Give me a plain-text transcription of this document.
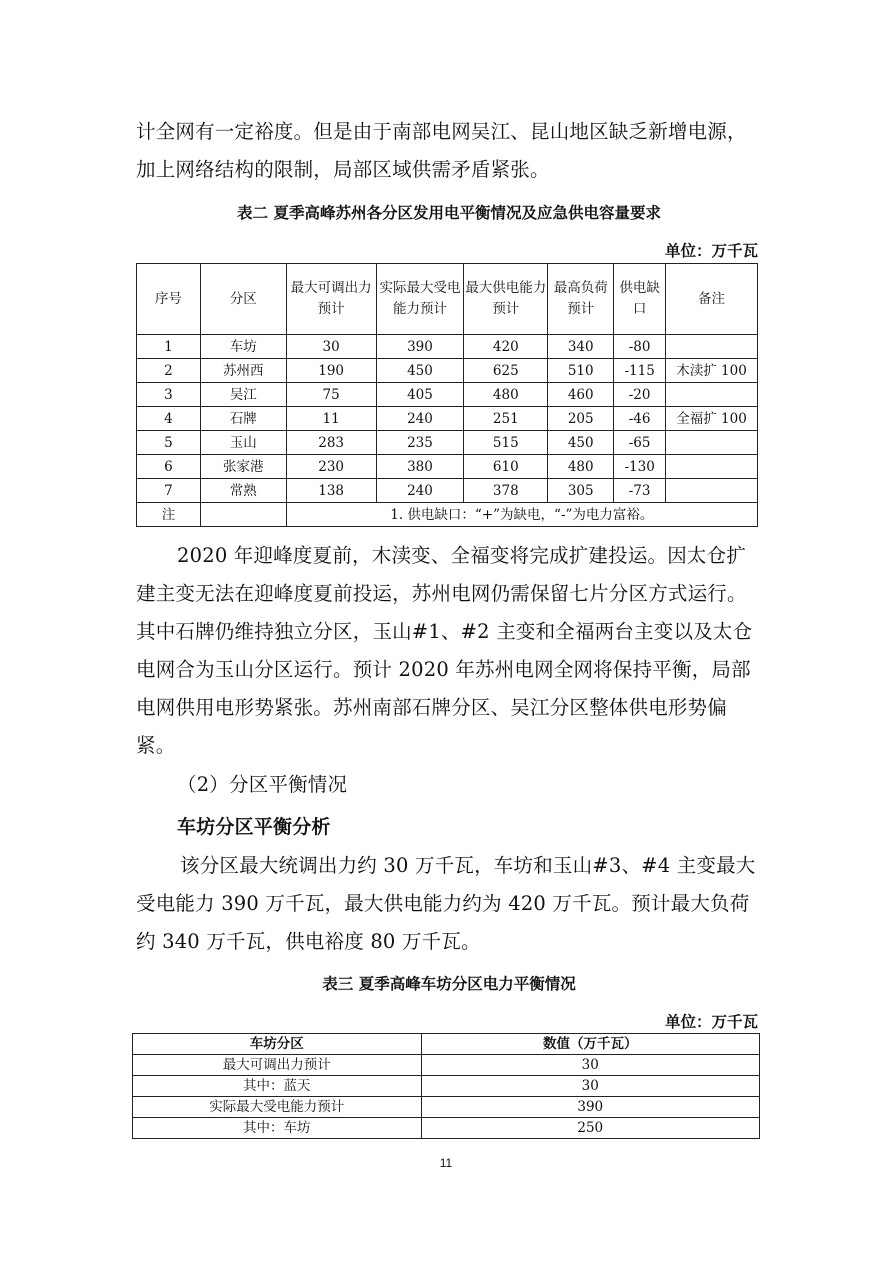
计全网有一定裕度。但是由于南部电网吴江、昆山地区缺乏新增电源，加上网络结构的限制，局部区域供需矛盾紧张。

表二 夏季高峰苏州各分区发用电平衡情况及应急供电容量要求

单位：万千瓦

序号	分区	最大可调出力预计	实际最大受电能力预计	最大供电能力预计	最高负荷预计	供电缺口	备注
1	车坊	30	390	420	340	-80	
2	苏州西	190	450	625	510	-115	木渎扩 100
3	吴江	75	405	480	460	-20	
4	石牌	11	240	251	205	-46	全福扩 100
5	玉山	283	235	515	450	-65	
6	张家港	230	380	610	480	-130	
7	常熟	138	240	378	305	-73	
注		1. 供电缺口：“+”为缺电，“-”为电力富裕。					

2020 年迎峰度夏前，木渎变、全福变将完成扩建投运。因太仓扩建主变无法在迎峰度夏前投运，苏州电网仍需保留七片分区方式运行。其中石牌仍维持独立分区，玉山#1、#2 主变和全福两台主变以及太仓电网合为玉山分区运行。预计 2020 年苏州电网全网将保持平衡，局部电网供用电形势紧张。苏州南部石牌分区、吴江分区整体供电形势偏紧。

（2）分区平衡情况

车坊分区平衡分析

该分区最大统调出力约 30 万千瓦，车坊和玉山#3、#4 主变最大受电能力 390 万千瓦，最大供电能力约为 420 万千瓦。预计最大负荷约 340 万千瓦，供电裕度 80 万千瓦。

表三 夏季高峰车坊分区电力平衡情况

单位：万千瓦

车坊分区	数值（万千瓦）
最大可调出力预计	30
其中：蓝天	30
实际最大受电能力预计	390
其中：车坊	250

11
